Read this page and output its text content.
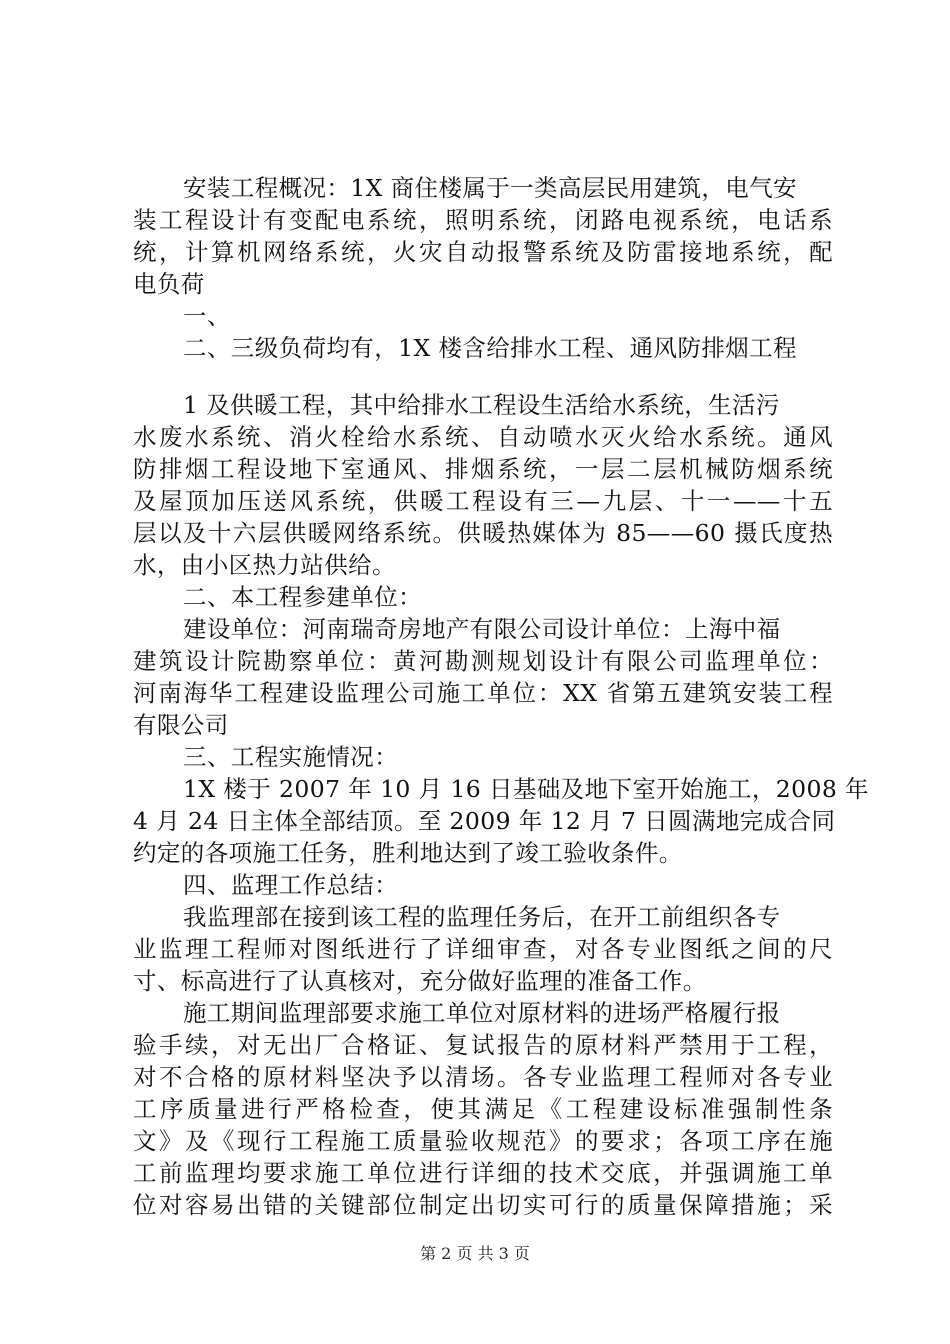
安装工程概况：1X 商住楼属于一类高层民用建筑，电气安
装工程设计有变配电系统，照明系统，闭路电视系统，电话系
统，计算机网络系统，火灾自动报警系统及防雷接地系统，配
电负荷
一、
二、三级负荷均有，1X 楼含给排水工程、通风防排烟工程
1 及供暖工程，其中给排水工程设生活给水系统，生活污
水废水系统、消火栓给水系统、自动喷水灭火给水系统。通风
防排烟工程设地下室通风、排烟系统，一层二层机械防烟系统
及屋顶加压送风系统，供暖工程设有三—九层、十一——十五
层以及十六层供暖网络系统。供暖热媒体为 85——60 摄氏度热
水，由小区热力站供给。
二、本工程参建单位：
建设单位：河南瑞奇房地产有限公司设计单位：上海中福
建筑设计院勘察单位：黄河勘测规划设计有限公司监理单位：
河南海华工程建设监理公司施工单位：XX 省第五建筑安装工程
有限公司
三、工程实施情况：
1X 楼于 2007 年 10 月 16 日基础及地下室开始施工，2008 年
4 月 24 日主体全部结顶。至 2009 年 12 月 7 日圆满地完成合同
约定的各项施工任务，胜利地达到了竣工验收条件。
四、监理工作总结：
我监理部在接到该工程的监理任务后，在开工前组织各专
业监理工程师对图纸进行了详细审查，对各专业图纸之间的尺
寸、标高进行了认真核对，充分做好监理的准备工作。
施工期间监理部要求施工单位对原材料的进场严格履行报
验手续，对无出厂合格证、复试报告的原材料严禁用于工程，
对不合格的原材料坚决予以清场。各专业监理工程师对各专业
工序质量进行严格检查，使其满足《工程建设标准强制性条
文》及《现行工程施工质量验收规范》的要求；各项工序在施
工前监理均要求施工单位进行详细的技术交底，并强调施工单
位对容易出错的关键部位制定出切实可行的质量保障措施；采
第 2 页 共 3 页
